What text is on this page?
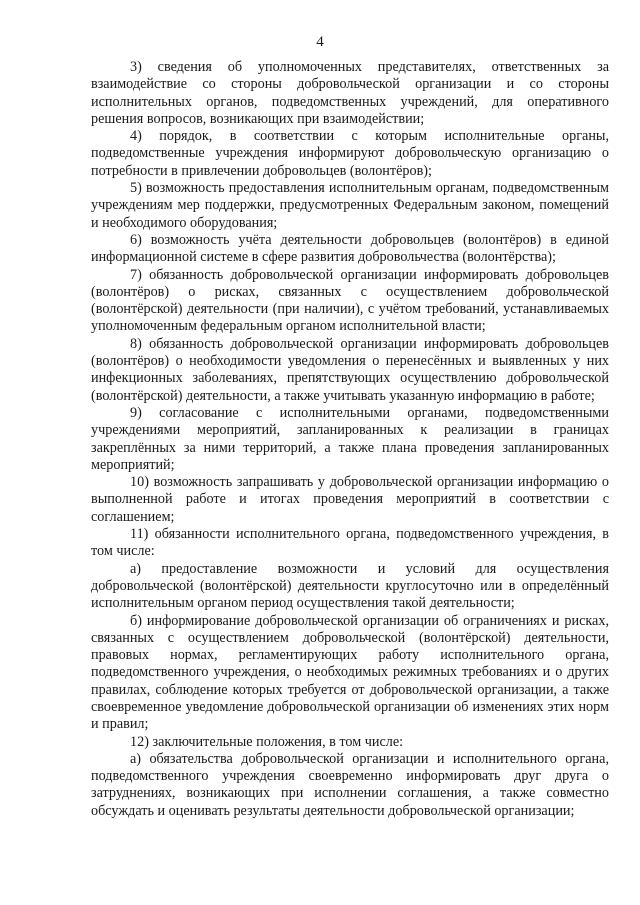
4

3) сведения об уполномоченных представителях, ответственных за взаимодействие со стороны добровольческой организации и со стороны исполнительных органов, подведомственных учреждений, для оперативного решения вопросов, возникающих при взаимодействии;

4) порядок, в соответствии с которым исполнительные органы, подведомственные учреждения информируют добровольческую организацию о потребности в привлечении добровольцев (волонтёров);

5) возможность предоставления исполнительным органам, подведомственным учреждениям мер поддержки, предусмотренных Федеральным законом, помещений и необходимого оборудования;

6) возможность учёта деятельности добровольцев (волонтёров) в единой информационной системе в сфере развития добровольчества (волонтёрства);

7) обязанность добровольческой организации информировать добровольцев (волонтёров) о рисках, связанных с осуществлением добровольческой (волонтёрской) деятельности (при наличии), с учётом требований, устанавливаемых уполномоченным федеральным органом исполнительной власти;

8) обязанность добровольческой организации информировать добровольцев (волонтёров) о необходимости уведомления о перенесённых и выявленных у них инфекционных заболеваниях, препятствующих осуществлению добровольческой (волонтёрской) деятельности, а также учитывать указанную информацию в работе;

9) согласование с исполнительными органами, подведомственными учреждениями мероприятий, запланированных к реализации в границах закреплённых за ними территорий, а также плана проведения запланированных мероприятий;

10) возможность запрашивать у добровольческой организации информацию о выполненной работе и итогах проведения мероприятий в соответствии с соглашением;

11) обязанности исполнительного органа, подведомственного учреждения, в том числе:

а) предоставление возможности и условий для осуществления добровольческой (волонтёрской) деятельности круглосуточно или в определённый исполнительным органом период осуществления такой деятельности;

б) информирование добровольческой организации об ограничениях и рисках, связанных с осуществлением добровольческой (волонтёрской) деятельности, правовых нормах, регламентирующих работу исполнительного органа, подведомственного учреждения, о необходимых режимных требованиях и о других правилах, соблюдение которых требуется от добровольческой организации, а также своевременное уведомление добровольческой организации об изменениях этих норм и правил;

12) заключительные положения, в том числе:

а) обязательства добровольческой организации и исполнительного органа, подведомственного учреждения своевременно информировать друг друга о затруднениях, возникающих при исполнении соглашения, а также совместно обсуждать и оценивать результаты деятельности добровольческой организации;
